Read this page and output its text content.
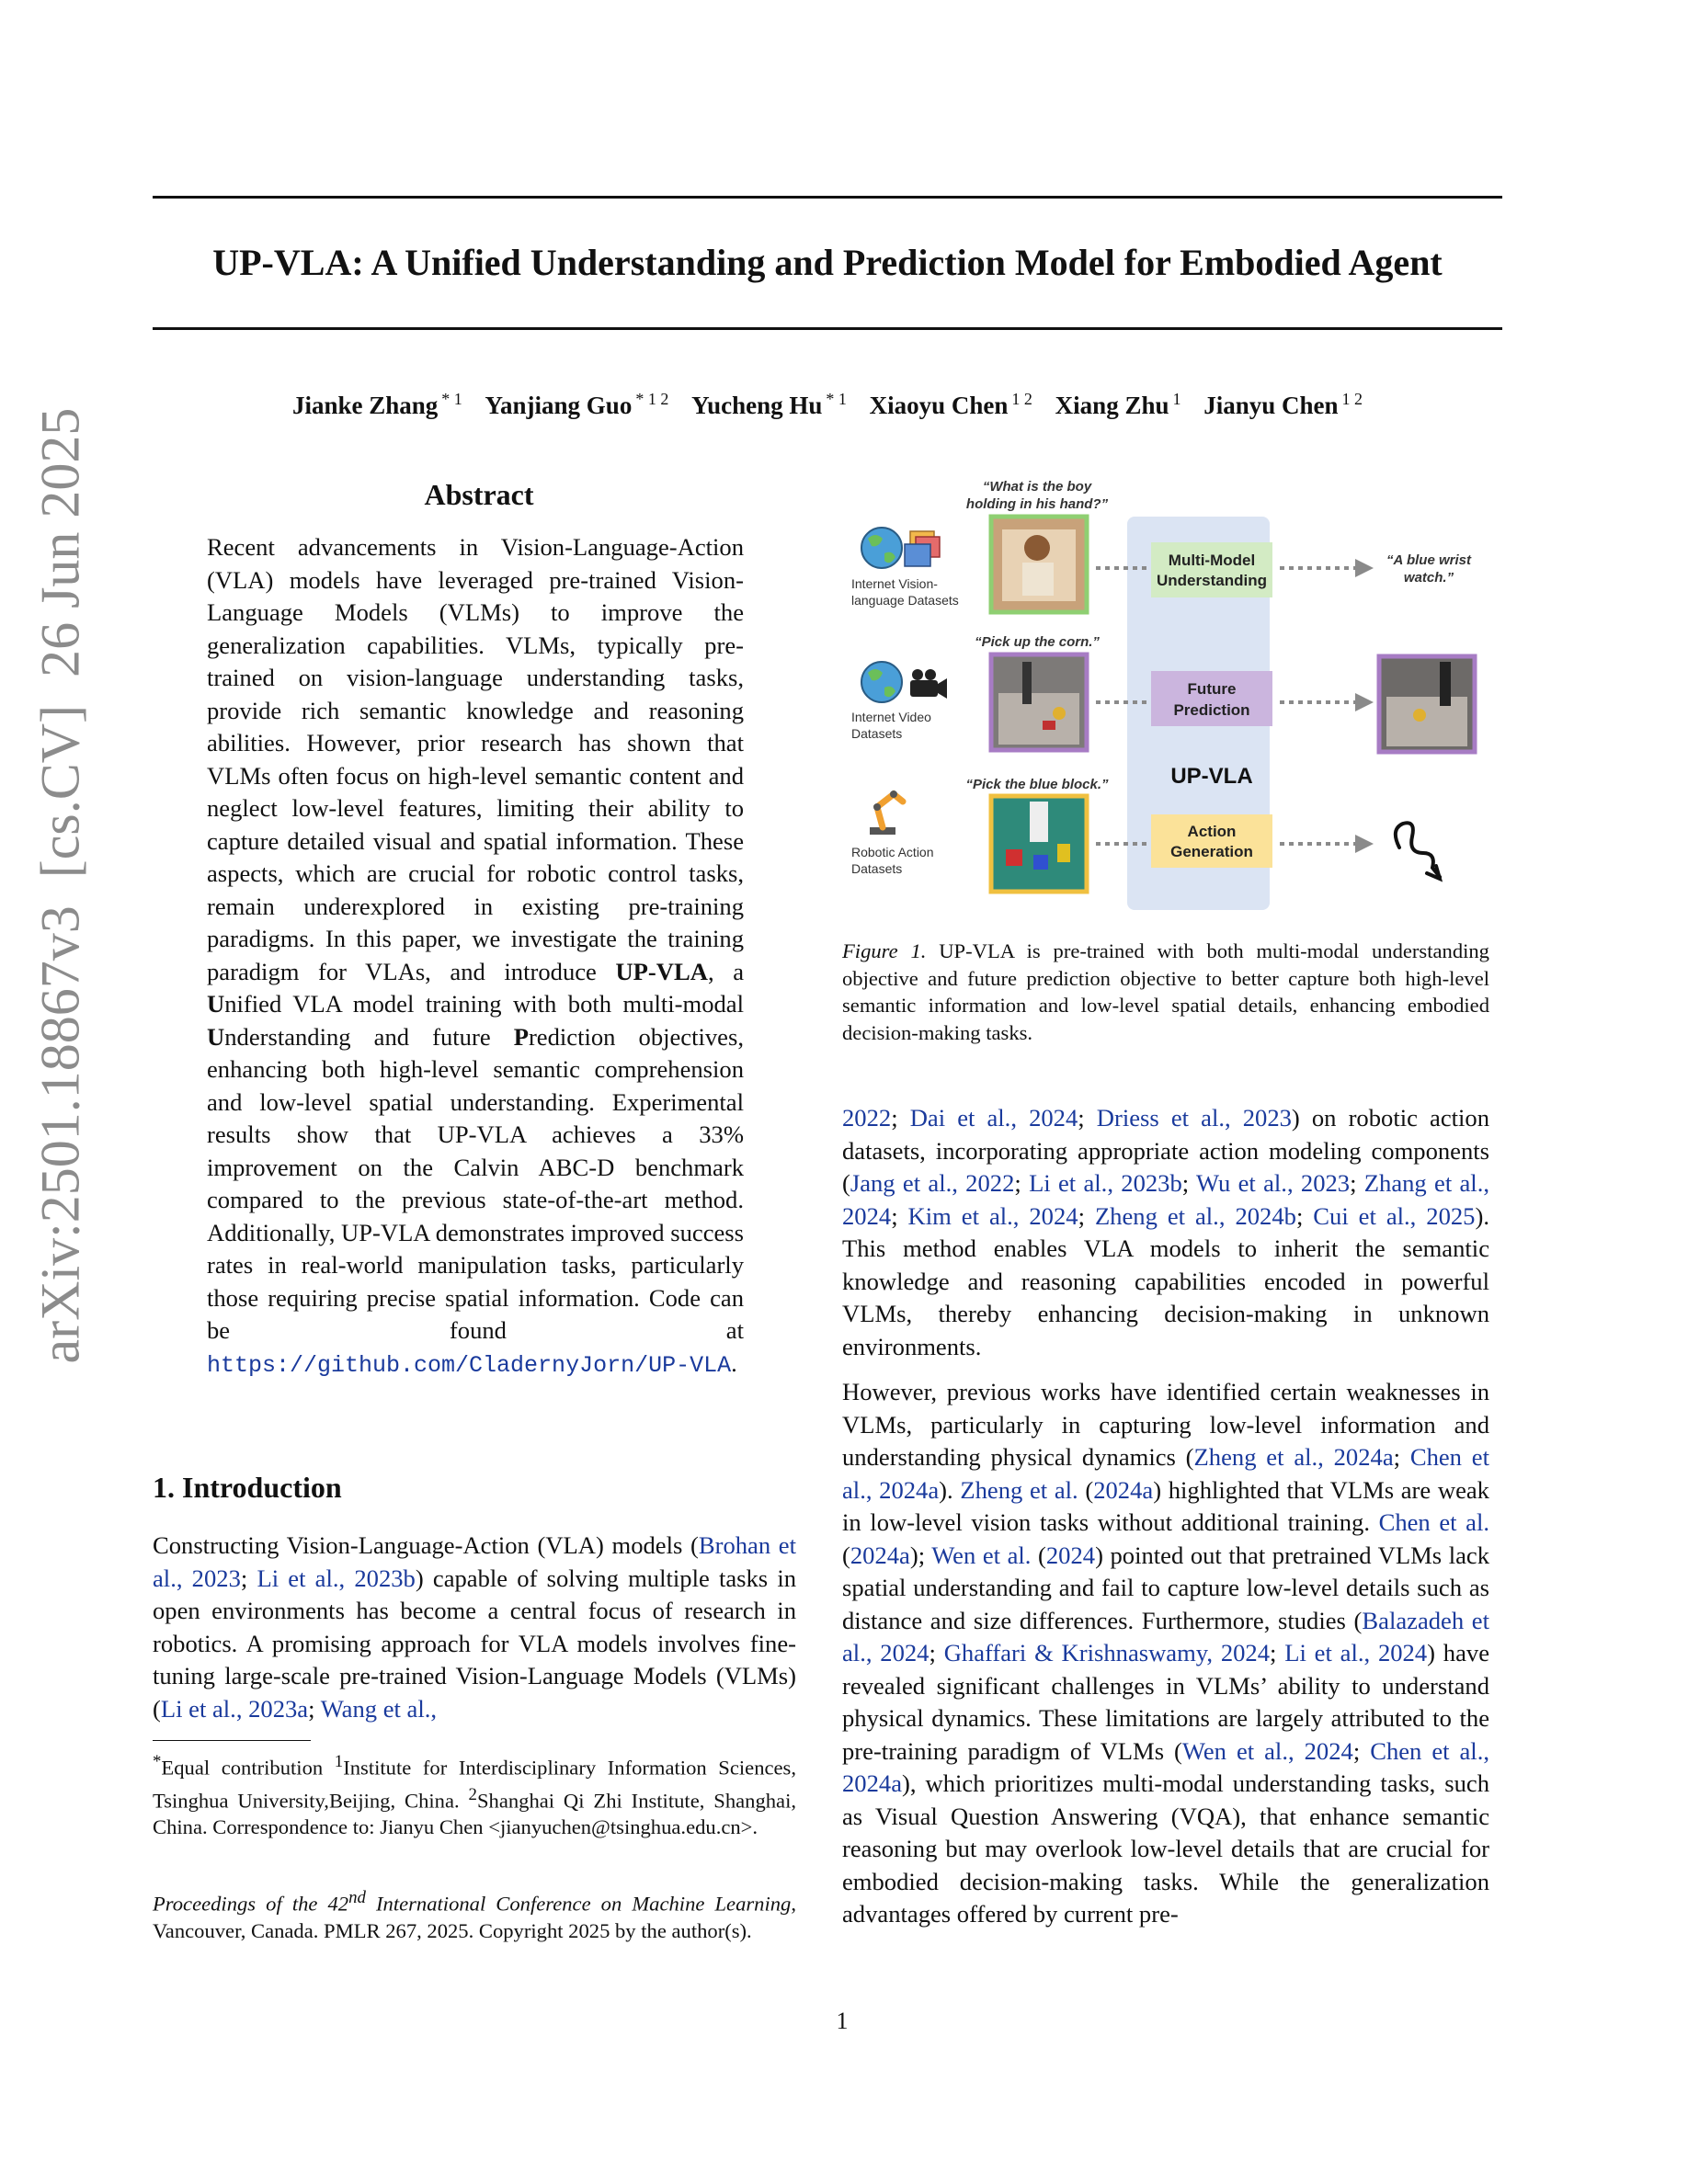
UP-VLA: A Unified Understanding and Prediction Model for Embodied Agent
Jianke Zhang $^{* 1}$ Yanjiang Guo $^{* 1 2}$ Yucheng Hu $^{* 1}$ Xiaoyu Chen $^{1 2}$ Xiang Zhu $^1$ Jianyu Chen $^{1 2}$
arXiv:2501.18867v3  [cs.CV]  26 Jun 2025	Abstract

Recent advancements in Vision-Language-Action (VLA) models have leveraged pre-trained Vision-Language Models (VLMs) to improve the generalization capabilities. VLMs, typically pre-trained on vision-language understanding tasks, provide rich semantic knowledge and reasoning abilities. However, prior research has shown that VLMs often focus on high-level semantic content and neglect low-level features, limiting their ability to capture detailed visual and spatial information. These aspects, which are crucial for robotic control tasks, remain underexplored in existing pre-training paradigms. In this paper, we investigate the training paradigm for VLAs, and introduce UP-VLA, a Unified VLA model training with both multi-modal Understanding and future Prediction objectives, enhancing both high-level semantic comprehension and low-level spatial understanding. Experimental results show that UP-VLA achieves a 33% improvement on the Calvin ABC-D benchmark compared to the previous state-of-the-art method. Additionally, UP-VLA demonstrates improved success rates in real-world manipulation tasks, particularly those requiring precise spatial information. Code can be found at https://github.com/CladernyJorn/UP-VLA.

1. Introduction

Constructing Vision-Language-Action (VLA) models (Brohan et al., 2023; Li et al., 2023b) capable of solving multiple tasks in open environments has become a central focus of research in robotics. A promising approach for VLA models involves fine-tuning large-scale pre-trained Vision-Language Models (VLMs) (Li et al., 2023a; Wang et al.,

*Equal contribution $^1$Institute for Interdisciplinary Information Sciences, Tsinghua University,Beijing, China. $^2$Shanghai Qi Zhi Institute, Shanghai, China. Correspondence to: Jianyu Chen <jianyuchen@tsinghua.edu.cn>.

Proceedings of the 42nd International Conference on Machine Learning, Vancouver, Canada. PMLR 267, 2025. Copyright 2025 by the author(s).

“What is the boy holding in his hand?”
“Pick up the corn.”
“Pick the blue block.”
Internet Vision-language Datasets
Internet Video Datasets
Robotic Action Datasets
Multi-Model Understanding
Future Prediction
UP-VLA
Action Generation
“A blue wrist watch.”

Figure 1. UP-VLA is pre-trained with both multi-modal understanding objective and future prediction objective to better capture both high-level semantic information and low-level spatial details, enhancing embodied decision-making tasks.

2022; Dai et al., 2024; Driess et al., 2023) on robotic action datasets, incorporating appropriate action modeling components (Jang et al., 2022; Li et al., 2023b; Wu et al., 2023; Zhang et al., 2024; Kim et al., 2024; Zheng et al., 2024b; Cui et al., 2025). This method enables VLA models to inherit the semantic knowledge and reasoning capabilities encoded in powerful VLMs, thereby enhancing decision-making in unknown environments.

However, previous works have identified certain weaknesses in VLMs, particularly in capturing low-level information and understanding physical dynamics (Zheng et al., 2024a; Chen et al., 2024a). Zheng et al. (2024a) highlighted that VLMs are weak in low-level vision tasks without additional training. Chen et al. (2024a); Wen et al. (2024) pointed out that pretrained VLMs lack spatial understanding and fail to capture low-level details such as distance and size differences. Furthermore, studies (Balazadeh et al., 2024; Ghaffari & Krishnaswamy, 2024; Li et al., 2024) have revealed significant challenges in VLMs’ ability to understand physical dynamics. These limitations are largely attributed to the pre-training paradigm of VLMs (Wen et al., 2024; Chen et al., 2024a), which prioritizes multi-modal understanding tasks, such as Visual Question Answering (VQA), that enhance semantic reasoning but may overlook low-level details that are crucial for embodied decision-making tasks. While the generalization advantages offered by current pre-

1
